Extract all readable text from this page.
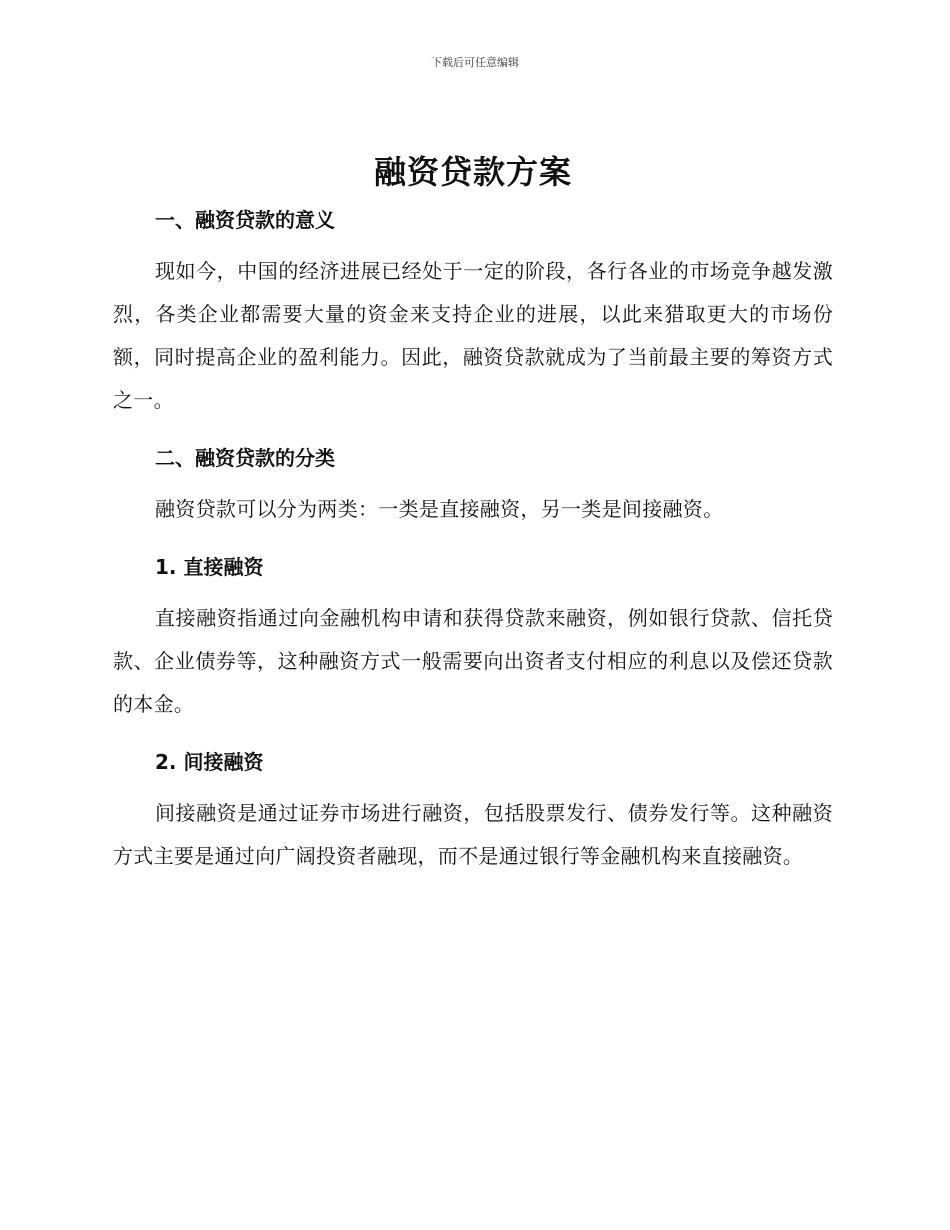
下载后可任意编辑
融资贷款方案
一、融资贷款的意义

现如今，中国的经济进展已经处于一定的阶段，各行各业的市场竞争越发激烈，各类企业都需要大量的资金来支持企业的进展，以此来猎取更大的市场份额，同时提高企业的盈利能力。因此，融资贷款就成为了当前最主要的筹资方式之一。

二、融资贷款的分类

融资贷款可以分为两类：一类是直接融资，另一类是间接融资。

1. 直接融资

直接融资指通过向金融机构申请和获得贷款来融资，例如银行贷款、信托贷款、企业债券等，这种融资方式一般需要向出资者支付相应的利息以及偿还贷款的本金。

2. 间接融资

间接融资是通过证券市场进行融资，包括股票发行、债券发行等。这种融资方式主要是通过向广阔投资者融现，而不是通过银行等金融机构来直接融资。
